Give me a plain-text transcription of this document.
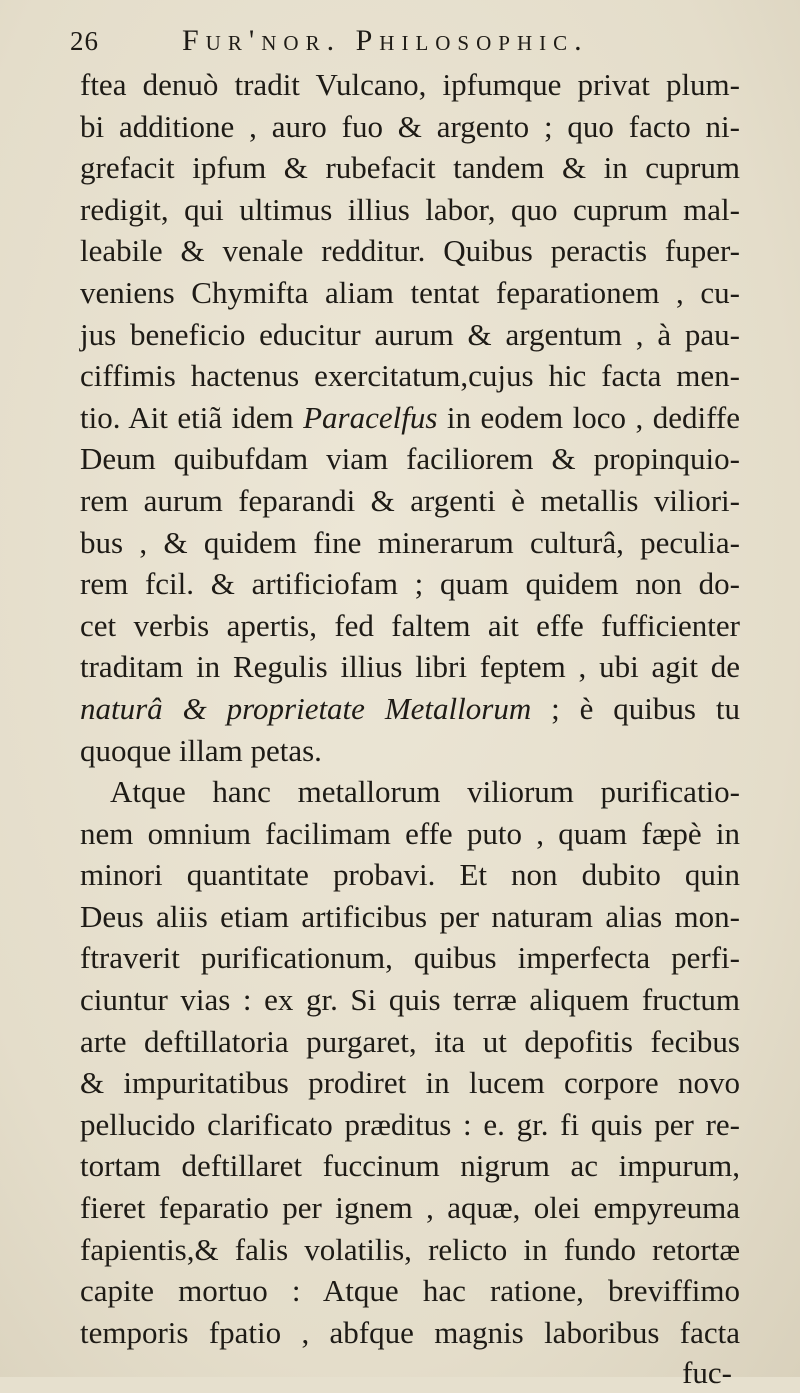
26	Fur'nor. Philosophic.
ftea denuò tradit Vulcano, ipfumque privat plum-
bi additione , auro fuo & argento ; quo facto ni-
grefacit ipfum & rubefacit tandem & in cuprum
redigit, qui ultimus illius labor, quo cuprum mal-
leabile & venale redditur. Quibus peractis fuper-
veniens Chymifta aliam tentat feparationem , cu-
jus beneficio educitur aurum & argentum , à pau-
ciffimis hactenus exercitatum,cujus hic facta men-
tio. Ait etiã idem Paracelfus in eodem loco , dediffe
Deum quibufdam viam faciliorem & propinquio-
rem aurum feparandi & argenti è metallis viliori-
bus , & quidem fine minerarum culturâ, peculia-
rem fcil. & artificiofam ; quam quidem non do-
cet verbis apertis, fed faltem ait effe fufficienter
traditam in Regulis illius libri feptem , ubi agit de
naturâ & proprietate Metallorum ; è quibus tu
quoque illam petas.
Atque hanc metallorum viliorum purificatio-
nem omnium facilimam effe puto , quam fæpè in
minori quantitate probavi. Et non dubito quin
Deus aliis etiam artificibus per naturam alias mon-
ftraverit purificationum, quibus imperfecta perfi-
ciuntur vias : ex gr. Si quis terræ aliquem fructum
arte deftillatoria purgaret, ita ut depofitis fecibus
& impuritatibus prodiret in lucem corpore novo
pellucido clarificato præditus : e. gr. fi quis per re-
tortam deftillaret fuccinum nigrum ac impurum,
fieret feparatio per ignem , aquæ, olei empyreuma
fapientis,& falis volatilis, relicto in fundo retortæ
capite mortuo : Atque hac ratione, breviffimo
temporis fpatio , abfque magnis laboribus facta
fuc-
